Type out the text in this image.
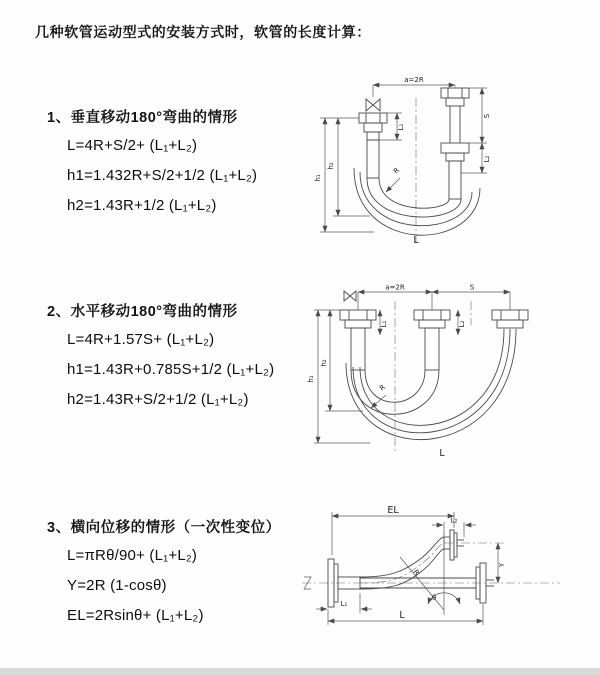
几种软管运动型式的安装方式时，软管的长度计算：
1、垂直移动180°弯曲的情形
L=4R+S/2+ (L₁+L₂)
h1=1.432R+S/2+1/2 (L₁+L₂)
h2=1.43R+1/2 (L₁+L₂)
a=2R
L₁
S
L₂
h₂
h₁
R
L
2、水平移动180°弯曲的情形
L=4R+1.57S+ (L₁+L₂)
h1=1.43R+0.785S+1/2 (L₁+L₂)
h2=1.43R+S/2+1/2 (L₁+L₂)
a=2R	S
L₁	L₂
h₂
h₁
R
L
3、横向位移的情形（一次性变位）
L=πRθ/90+ (L₁+L₂)
Y=2R (1-cosθ)
EL=2Rsinθ+ (L₁+L₂)
EL
L₂
Y
θ
R
L₁
L
